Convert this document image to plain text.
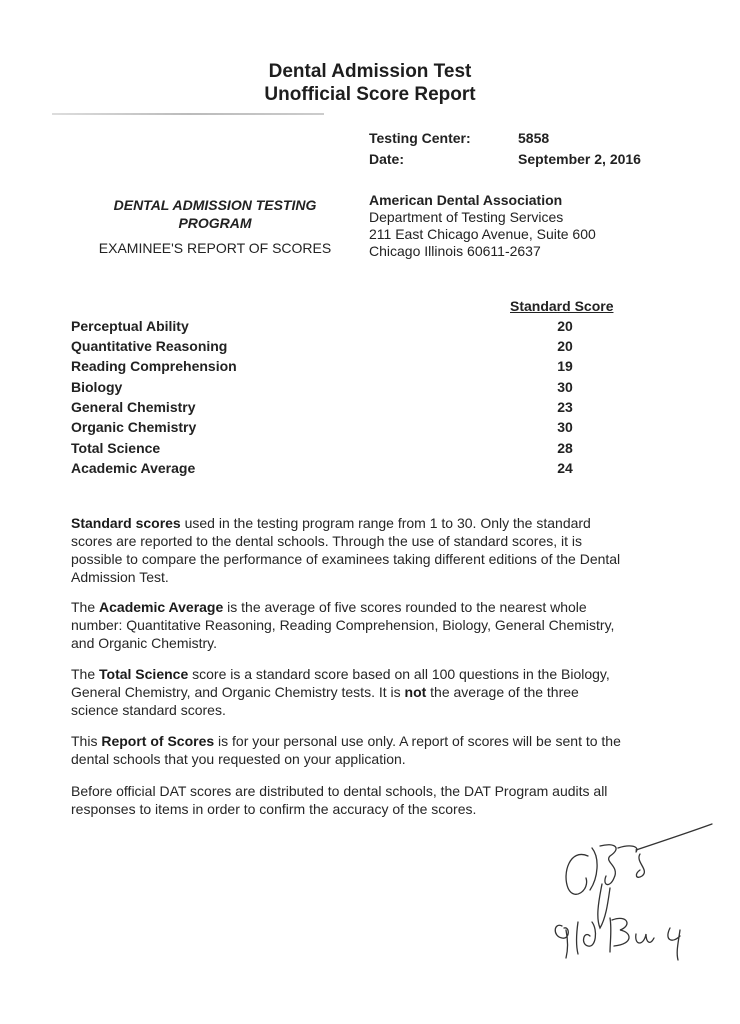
Dental Admission Test
Unofficial Score Report
Testing Center:	5858
Date:	September 2, 2016
DENTAL ADMISSION TESTING
PROGRAM
EXAMINEE'S REPORT OF SCORES
American Dental Association
Department of Testing Services
211 East Chicago Avenue, Suite 600
Chicago Illinois 60611-2637
Standard Score
Perceptual Ability	20
Quantitative Reasoning	20
Reading Comprehension	19
Biology	30
General Chemistry	23
Organic Chemistry	30
Total Science	28
Academic Average	24
Standard scores used in the testing program range from 1 to 30. Only the standard
scores are reported to the dental schools. Through the use of standard scores, it is
possible to compare the performance of examinees taking different editions of the Dental
Admission Test.
The Academic Average is the average of five scores rounded to the nearest whole
number: Quantitative Reasoning, Reading Comprehension, Biology, General Chemistry,
and Organic Chemistry.
The Total Science score is a standard score based on all 100 questions in the Biology,
General Chemistry, and Organic Chemistry tests. It is not the average of the three
science standard scores.
This Report of Scores is for your personal use only. A report of scores will be sent to the
dental schools that you requested on your application.
Before official DAT scores are distributed to dental schools, the DAT Program audits all
responses to items in order to confirm the accuracy of the scores.
